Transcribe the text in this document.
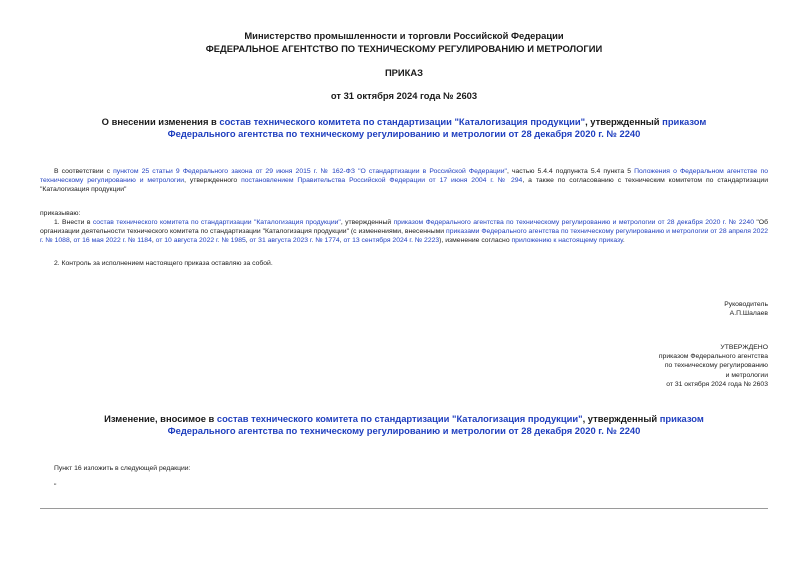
Министерство промышленности и торговли Российской Федерации
ФЕДЕРАЛЬНОЕ АГЕНТСТВО ПО ТЕХНИЧЕСКОМУ РЕГУЛИРОВАНИЮ И МЕТРОЛОГИИ
ПРИКАЗ
от 31 октября 2024 года № 2603
О внесении изменения в состав технического комитета по стандартизации "Каталогизация продукции", утвержденный приказом Федерального агентства по техническому регулированию и метрологии от 28 декабря 2020 г. № 2240
В соответствии с пунктом 25 статьи 9 Федерального закона от 29 июня 2015 г. № 162-ФЗ "О стандартизации в Российской Федерации", частью 5.4.4 подпункта 5.4 пункта 5 Положения о Федеральном агентстве по техническому регулированию и метрологии, утвержденного постановлением Правительства Российской Федерации от 17 июня 2004 г. № 294, а также по согласованию с техническим комитетом по стандартизации "Каталогизация продукции"
приказываю:
1. Внести в состав технического комитета по стандартизации "Каталогизация продукции", утвержденный приказом Федерального агентства по техническому регулированию и метрологии от 28 декабря 2020 г. № 2240 "Об организации деятельности технического комитета по стандартизации "Каталогизация продукции" (с изменениями, внесенными приказами Федерального агентства по техническому регулированию и метрологии от 28 апреля 2022 г. № 1088, от 16 мая 2022 г. № 1184, от 10 августа 2022 г. № 1985, от 31 августа 2023 г. № 1774, от 13 сентября 2024 г. № 2223), изменение согласно приложению к настоящему приказу.
2. Контроль за исполнением настоящего приказа оставляю за собой.
Руководитель
А.П.Шалаев
УТВЕРЖДЕНО
приказом Федерального агентства
по техническому регулированию
и метрологии
от 31 октября 2024 года № 2603
Изменение, вносимое в состав технического комитета по стандартизации "Каталогизация продукции", утвержденный приказом Федерального агентства по техническому регулированию и метрологии от 28 декабря 2020 г. № 2240
Пункт 16 изложить в следующей редакции:
"
